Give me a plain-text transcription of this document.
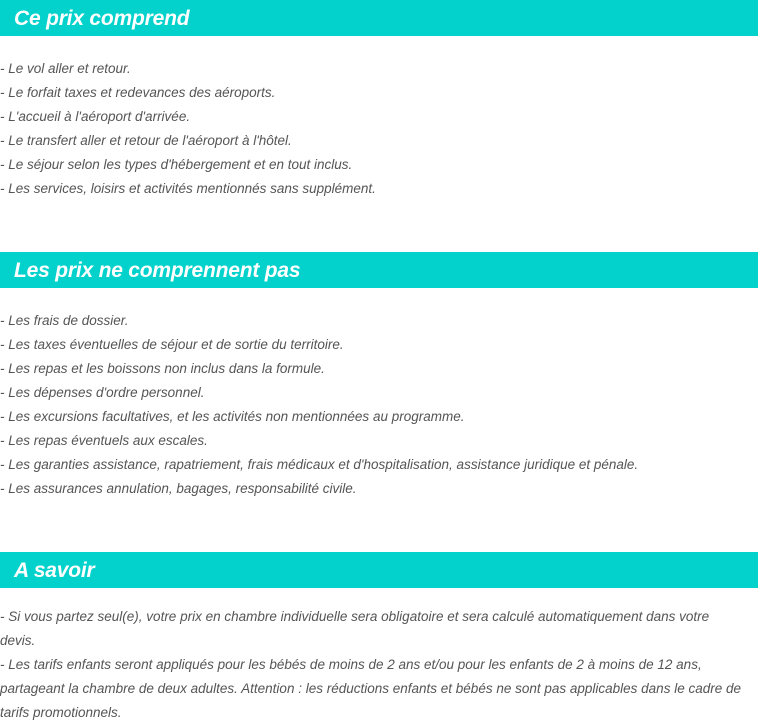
Ce prix comprend
- Le vol aller et retour.
- Le forfait taxes et redevances des aéroports.
- L'accueil à l'aéroport d'arrivée.
- Le transfert aller et retour de l'aéroport à l'hôtel.
- Le séjour selon les types d'hébergement et en tout inclus.
- Les services, loisirs et activités mentionnés sans supplément.
Les prix ne comprennent pas
- Les frais de dossier.
- Les taxes éventuelles de séjour et de sortie du territoire.
- Les repas et les boissons non inclus dans la formule.
- Les dépenses d'ordre personnel.
- Les excursions facultatives, et les activités non mentionnées au programme.
- Les repas éventuels aux escales.
- Les garanties assistance, rapatriement, frais médicaux et d'hospitalisation, assistance juridique et pénale.
- Les assurances annulation, bagages, responsabilité civile.
A savoir
- Si vous partez seul(e), votre prix en chambre individuelle sera obligatoire et sera calculé automatiquement dans votre devis.
- Les tarifs enfants seront appliqués pour les bébés de moins de 2 ans et/ou pour les enfants de 2 à moins de 12 ans, partageant la chambre de deux adultes. Attention : les réductions enfants et bébés ne sont pas applicables dans le cadre de tarifs promotionnels.
